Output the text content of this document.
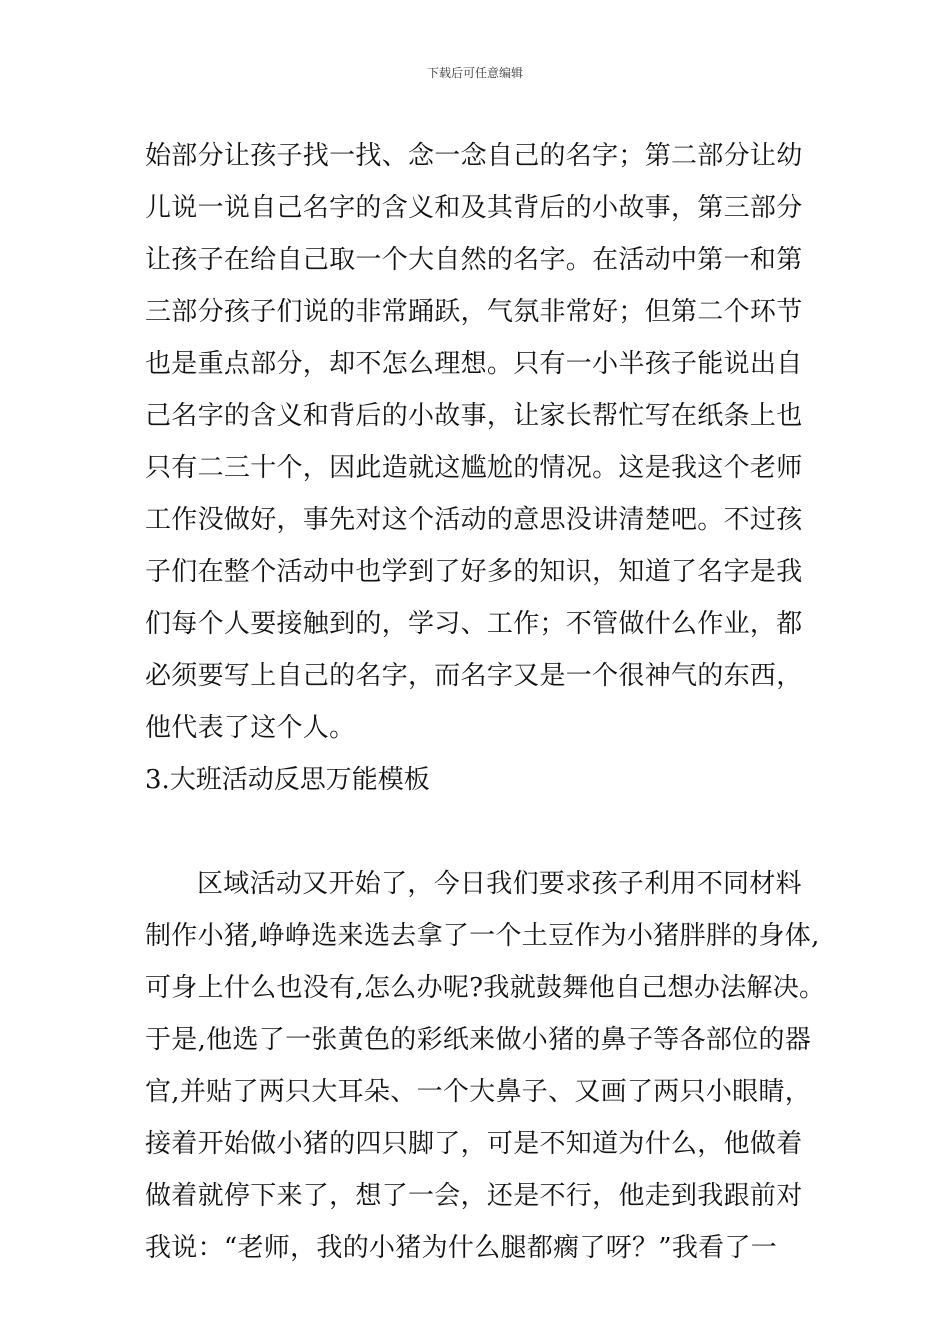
下载后可任意编辑
始部分让孩子找一找、念一念自己的名字；第二部分让幼
儿说一说自己名字的含义和及其背后的小故事，第三部分
让孩子在给自己取一个大自然的名字。在活动中第一和第
三部分孩子们说的非常踊跃，气氛非常好；但第二个环节
也是重点部分，却不怎么理想。只有一小半孩子能说出自
己名字的含义和背后的小故事，让家长帮忙写在纸条上也
只有二三十个，因此造就这尴尬的情况。这是我这个老师
工作没做好，事先对这个活动的意思没讲清楚吧。不过孩
子们在整个活动中也学到了好多的知识，知道了名字是我
们每个人要接触到的，学习、工作；不管做什么作业，都
必须要写上自己的名字，而名字又是一个很神气的东西，
他代表了这个人。
3.大班活动反思万能模板
区域活动又开始了，今日我们要求孩子利用不同材料
制作小猪,峥峥选来选去拿了一个土豆作为小猪胖胖的身体,
可身上什么也没有,怎么办呢?我就鼓舞他自己想办法解决。
于是,他选了一张黄色的彩纸来做小猪的鼻子等各部位的器
官,并贴了两只大耳朵、一个大鼻子、又画了两只小眼睛，
接着开始做小猪的四只脚了，可是不知道为什么，他做着
做着就停下来了，想了一会，还是不行，他走到我跟前对
我说：“老师，我的小猪为什么腿都瘸了呀？”我看了一
